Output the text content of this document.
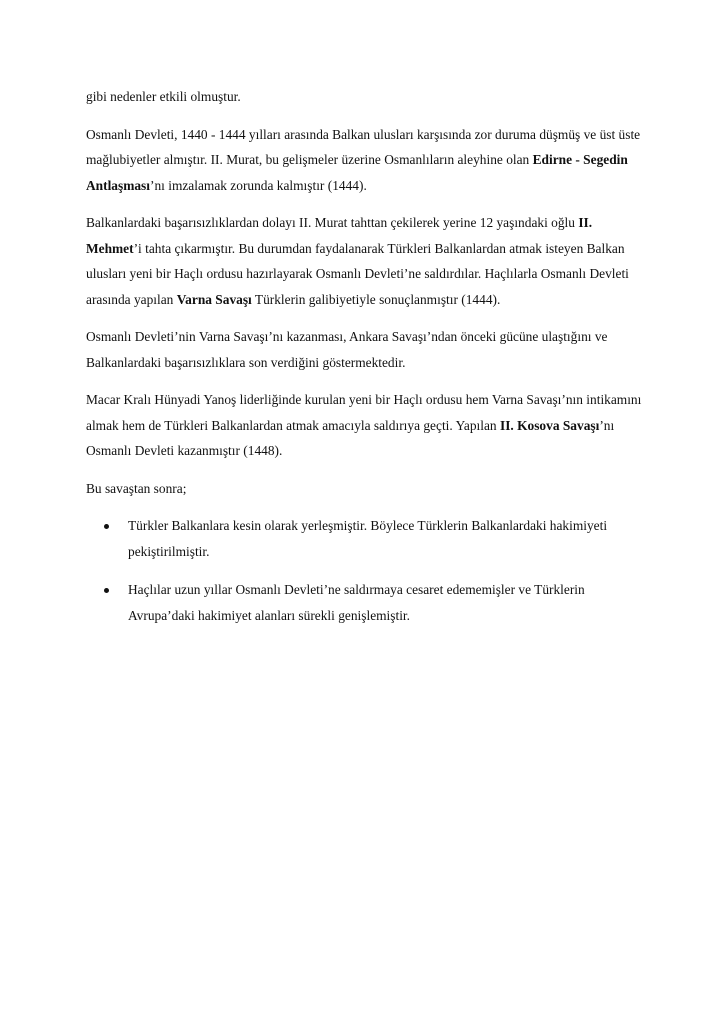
gibi nedenler etkili olmuştur.

Osmanlı Devleti, 1440 - 1444 yılları arasında Balkan ulusları karşısında zor duruma düşmüş ve üst üste mağlubiyetler almıştır. II. Murat, bu gelişmeler üzerine Osmanlıların aleyhine olan Edirne - Segedin Antlaşması’nı imzalamak zorunda kalmıştır (1444).

Balkanlardaki başarısızlıklardan dolayı II. Murat tahttan çekilerek yerine 12 yaşındaki oğlu II. Mehmet’i tahta çıkarmıştır. Bu durumdan faydalanarak Türkleri Balkanlardan atmak isteyen Balkan ulusları yeni bir Haçlı ordusu hazırlayarak Osmanlı Devleti’ne saldırdılar. Haçlılarla Osmanlı Devleti arasında yapılan Varna Savaşı Türklerin galibiyetiyle sonuçlanmıştır (1444).

Osmanlı Devleti’nin Varna Savaşı’nı kazanması, Ankara Savaşı’ndan önceki gücüne ulaştığını ve Balkanlardaki başarısızlıklara son verdiğini göstermektedir.

Macar Kralı Hünyadi Yanoş liderliğinde kurulan yeni bir Haçlı ordusu hem Varna Savaşı’nın intikamını almak hem de Türkleri Balkanlardan atmak amacıyla saldırıya geçti. Yapılan II. Kosova Savaşı’nı Osmanlı Devleti kazanmıştır (1448).

Bu savaştan sonra;

Türkler Balkanlara kesin olarak yerleşmiştir. Böylece Türklerin Balkanlardaki hakimiyeti pekiştirilmiştir.
Haçlılar uzun yıllar Osmanlı Devleti’ne saldırmaya cesaret edememişler ve Türklerin Avrupa’daki hakimiyet alanları sürekli genişlemiştir.
